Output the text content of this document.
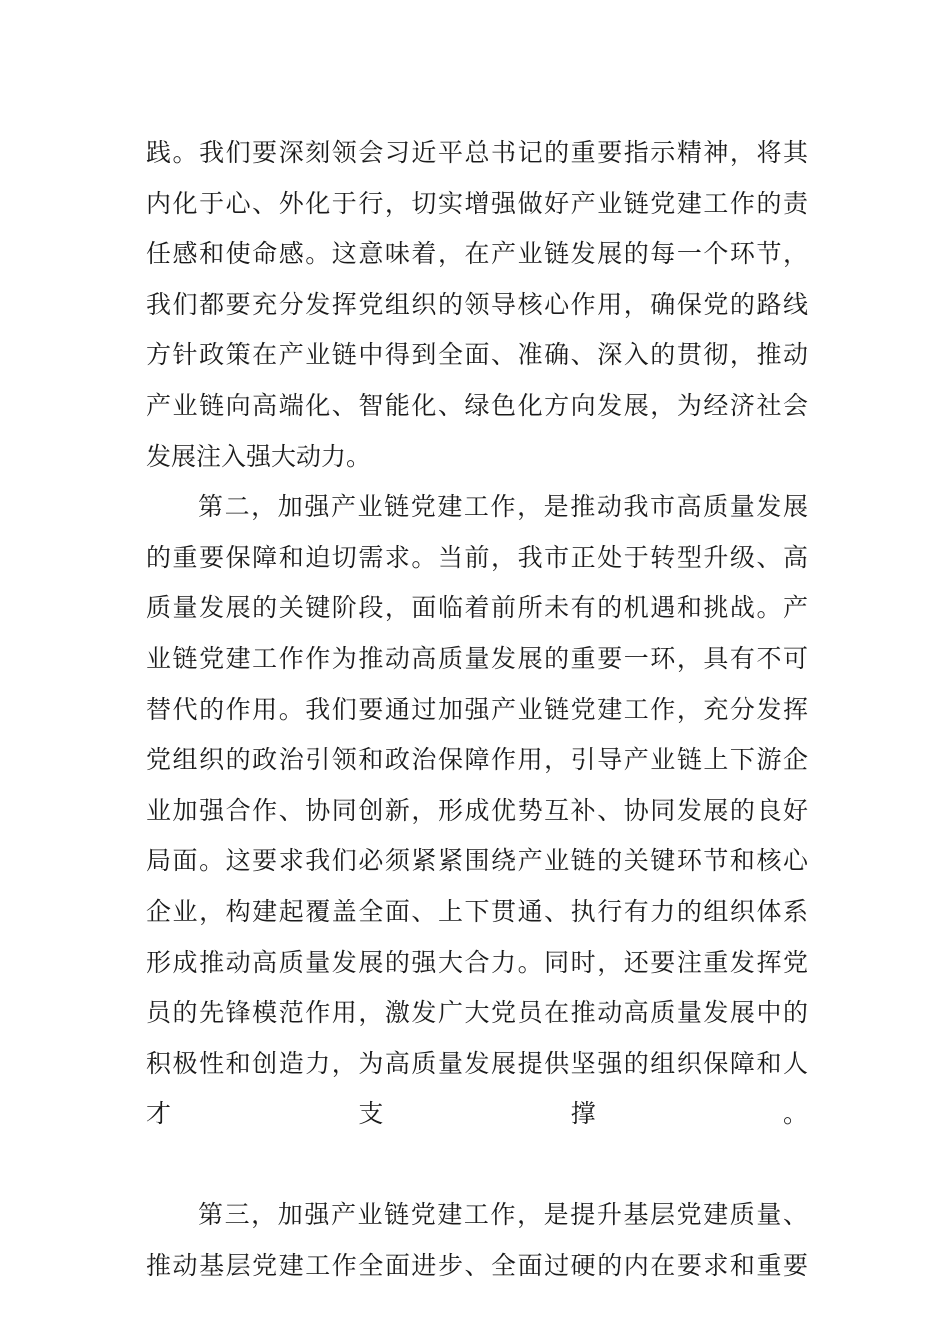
践。我们要深刻领会习近平总书记的重要指示精神，将其
内化于心、外化于行，切实增强做好产业链党建工作的责
任感和使命感。这意味着，在产业链发展的每一个环节，
我们都要充分发挥党组织的领导核心作用，确保党的路线
方针政策在产业链中得到全面、准确、深入的贯彻，推动
产业链向高端化、智能化、绿色化方向发展，为经济社会
发展注入强大动力。
第二，加强产业链党建工作，是推动我市高质量发展
的重要保障和迫切需求。当前，我市正处于转型升级、高
质量发展的关键阶段，面临着前所未有的机遇和挑战。产
业链党建工作作为推动高质量发展的重要一环，具有不可
替代的作用。我们要通过加强产业链党建工作，充分发挥
党组织的政治引领和政治保障作用，引导产业链上下游企
业加强合作、协同创新，形成优势互补、协同发展的良好
局面。这要求我们必须紧紧围绕产业链的关键环节和核心
企业，构建起覆盖全面、上下贯通、执行有力的组织体系
形成推动高质量发展的强大合力。同时，还要注重发挥党
员的先锋模范作用，激发广大党员在推动高质量发展中的
积极性和创造力，为高质量发展提供坚强的组织保障和人
才支撑。
第三，加强产业链党建工作，是提升基层党建质量、
推动基层党建工作全面进步、全面过硬的内在要求和重要
